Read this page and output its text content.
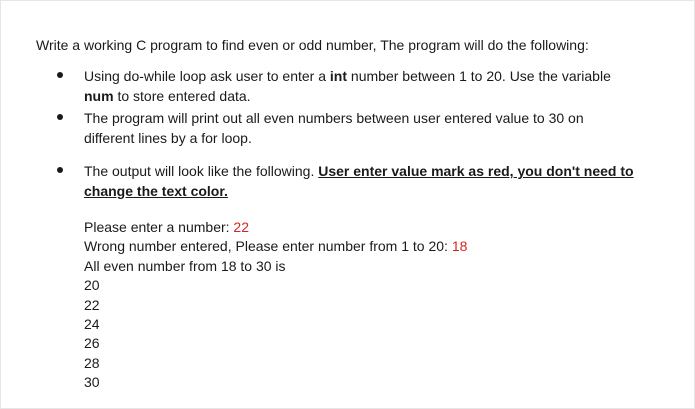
Write a working C program to find even or odd number, The program will do the following:
Using do-while loop ask user to enter a int number between 1 to 20. Use the variable
num to store entered data.
The program will print out all even numbers between user entered value to 30 on different lines by a for loop.
The output will look like the following. User enter value mark as red, you don't need to change the text color.
Please enter a number: 22
Wrong number entered, Please enter number from 1 to 20: 18
All even number from 18 to 30 is
20
22
24
26
28
30
